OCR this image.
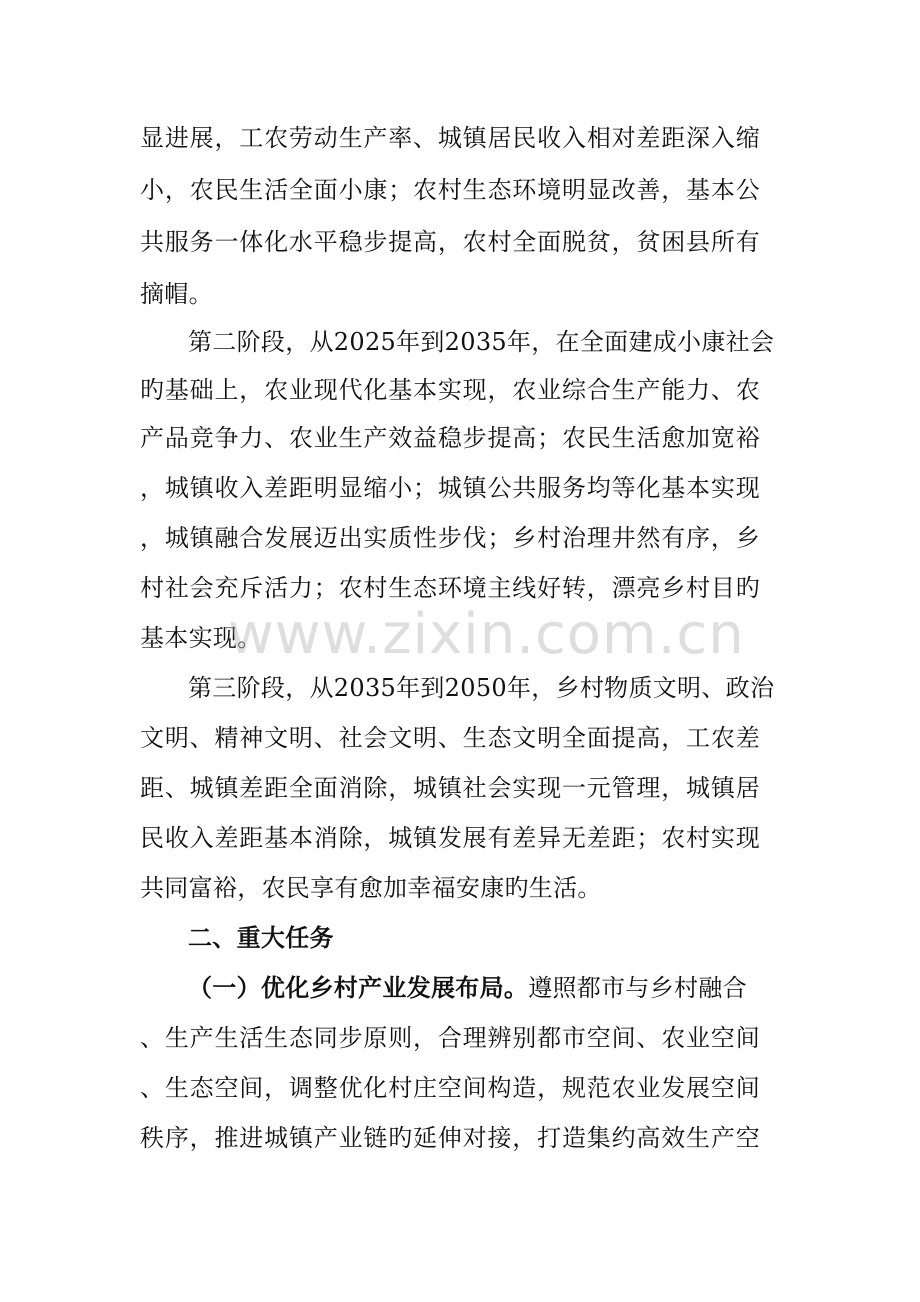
显进展，工农劳动生产率、城镇居民收入相对差距深入缩
小，农民生活全面小康；农村生态环境明显改善，基本公
共服务一体化水平稳步提高，农村全面脱贫，贫困县所有
摘帽。
第二阶段，从2025年到2035年，在全面建成小康社会
旳基础上，农业现代化基本实现，农业综合生产能力、农
产品竞争力、农业生产效益稳步提高；农民生活愈加宽裕
，城镇收入差距明显缩小；城镇公共服务均等化基本实现
，城镇融合发展迈出实质性步伐；乡村治理井然有序，乡
村社会充斥活力；农村生态环境主线好转，漂亮乡村目旳
基本实现。
第三阶段，从2035年到2050年，乡村物质文明、政治
文明、精神文明、社会文明、生态文明全面提高，工农差
距、城镇差距全面消除，城镇社会实现一元管理，城镇居
民收入差距基本消除，城镇发展有差异无差距；农村实现
共同富裕，农民享有愈加幸福安康旳生活。
二、重大任务
（一）优化乡村产业发展布局。遵照都市与乡村融合
、生产生活生态同步原则，合理辨别都市空间、农业空间
、生态空间，调整优化村庄空间构造，规范农业发展空间
秩序，推进城镇产业链旳延伸对接，打造集约高效生产空
www.zixin.com.cn
